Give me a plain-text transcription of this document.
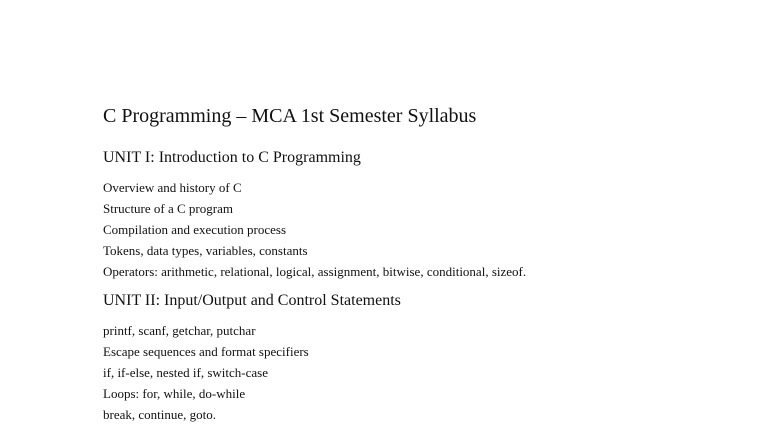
C Programming – MCA 1st Semester Syllabus
UNIT I: Introduction to C Programming
Overview and history of C
Structure of a C program
Compilation and execution process
Tokens, data types, variables, constants
Operators: arithmetic, relational, logical, assignment, bitwise, conditional, sizeof.
UNIT II: Input/Output and Control Statements
printf, scanf, getchar, putchar
Escape sequences and format specifiers
if, if-else, nested if, switch-case
Loops: for, while, do-while
break, continue, goto.
